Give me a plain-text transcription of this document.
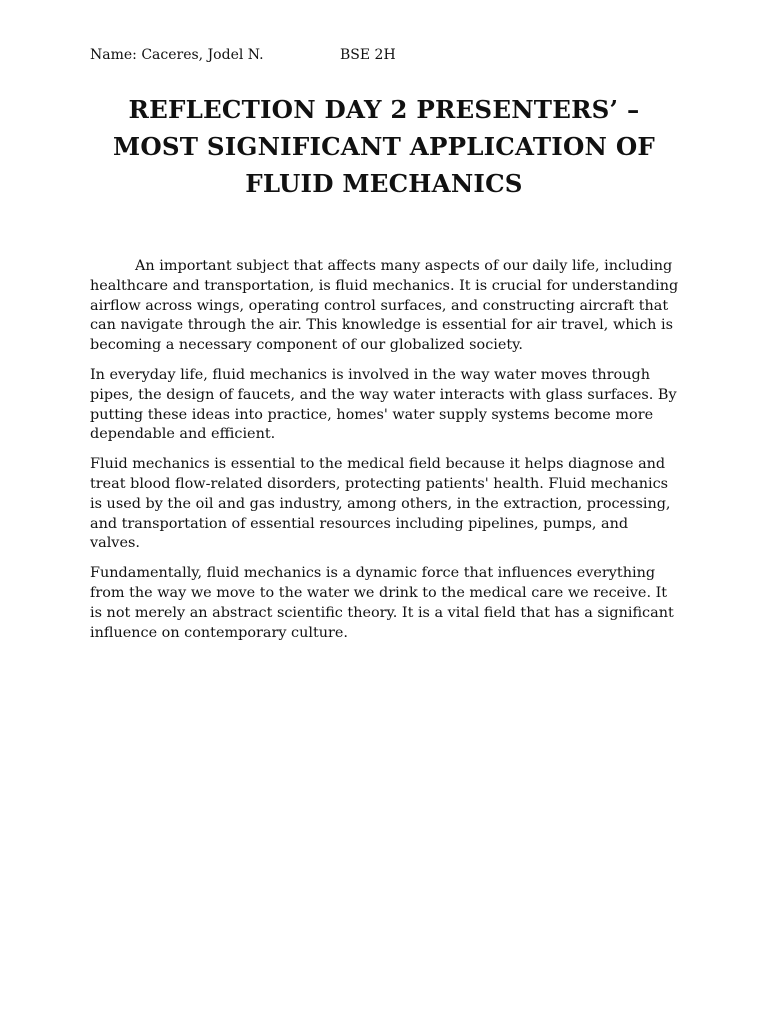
Name: Caceres, Jodel N.	BSE 2H
REFLECTION DAY 2 PRESENTERS’ –
MOST SIGNIFICANT APPLICATION OF
FLUID MECHANICS

An important subject that affects many aspects of our daily life, including healthcare and transportation, is fluid mechanics. It is crucial for understanding airflow across wings, operating control surfaces, and constructing aircraft that can navigate through the air. This knowledge is essential for air travel, which is becoming a necessary component of our globalized society.

In everyday life, fluid mechanics is involved in the way water moves through pipes, the design of faucets, and the way water interacts with glass surfaces. By putting these ideas into practice, homes' water supply systems become more dependable and efficient.

Fluid mechanics is essential to the medical field because it helps diagnose and treat blood flow-related disorders, protecting patients' health. Fluid mechanics is used by the oil and gas industry, among others, in the extraction, processing, and transportation of essential resources including pipelines, pumps, and valves.

Fundamentally, fluid mechanics is a dynamic force that influences everything from the way we move to the water we drink to the medical care we receive. It is not merely an abstract scientific theory. It is a vital field that has a significant influence on contemporary culture.
